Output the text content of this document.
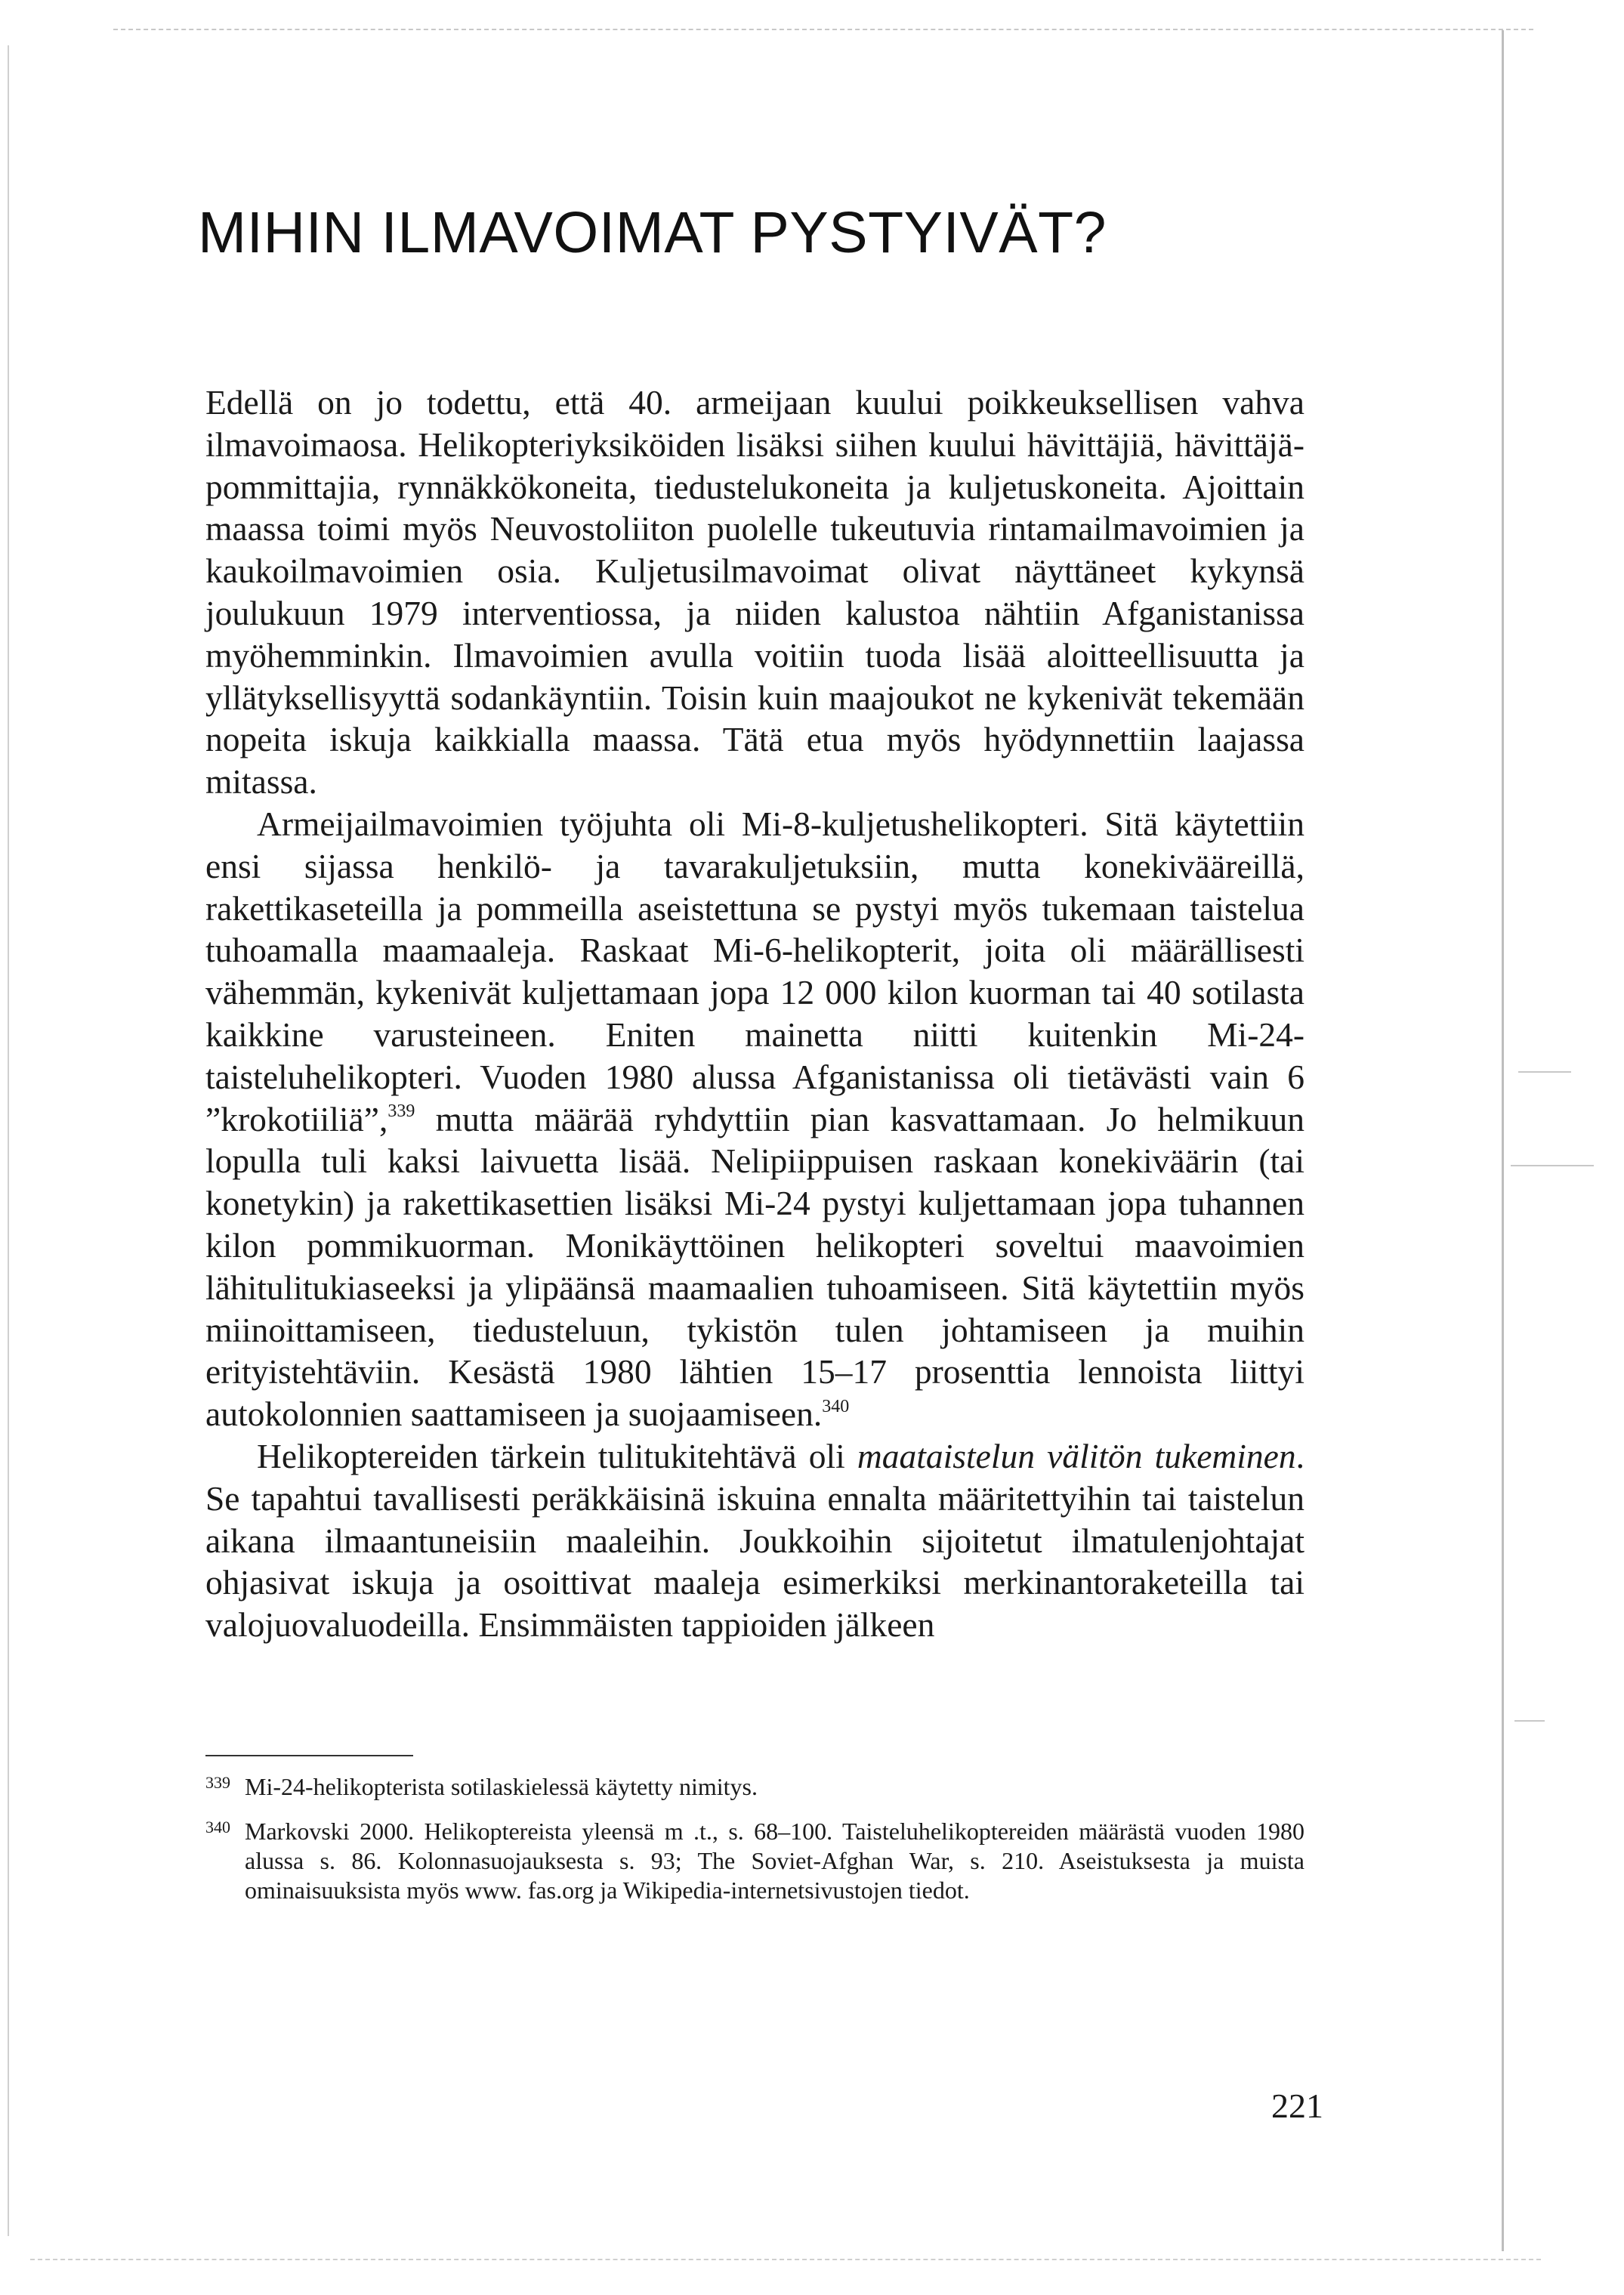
MIHIN ILMAVOIMAT PYSTYIVÄT?

Edellä on jo todettu, että 40. armeijaan kuului poikkeuksellisen vahva ilmavoimaosa. Helikopteriyksiköiden lisäksi siihen kuului hävittäjiä, hävittäjä-pommittajia, rynnäkkökoneita, tiedustelukoneita ja kuljetuskoneita. Ajoittain maassa toimi myös Neuvostoliiton puolelle tukeutuvia rintamailmavoimien ja kaukoilmavoimien osia. Kuljetusilmavoimat olivat näyttäneet kykynsä joulukuun 1979 interventiossa, ja niiden kalustoa nähtiin Afganistanissa myöhemminkin. Ilmavoimien avulla voitiin tuoda lisää aloitteellisuutta ja yllätyksellisyyttä sodankäyntiin. Toisin kuin maajoukot ne kykenivät tekemään nopeita iskuja kaikkialla maassa. Tätä etua myös hyödynnettiin laajassa mitassa.

Armeijailmavoimien työjuhta oli Mi-8-kuljetushelikopteri. Sitä käytettiin ensi sijassa henkilö- ja tavarakuljetuksiin, mutta konekivääreillä, rakettikaseteilla ja pommeilla aseistettuna se pystyi myös tukemaan taistelua tuhoamalla maamaaleja. Raskaat Mi-6-helikopterit, joita oli määrällisesti vähemmän, kykenivät kuljettamaan jopa 12 000 kilon kuorman tai 40 sotilasta kaikkine varusteineen. Eniten mainetta niitti kuitenkin Mi-24-taisteluhelikopteri. Vuoden 1980 alussa Afganistanissa oli tietävästi vain 6 ”krokotiiliä”,$^{339}$ mutta määrää ryhdyttiin pian kasvattamaan. Jo helmikuun lopulla tuli kaksi laivuetta lisää. Nelipiippuisen raskaan konekiväärin (tai konetykin) ja rakettikasettien lisäksi Mi-24 pystyi kuljettamaan jopa tuhannen kilon pommikuorman. Monikäyttöinen helikopteri soveltui maavoimien lähitulitukiaseeksi ja ylipäänsä maamaalien tuhoamiseen. Sitä käytettiin myös miinoittamiseen, tiedusteluun, tykistön tulen johtamiseen ja muihin erityistehtäviin. Kesästä 1980 lähtien 15–17 prosenttia lennoista liittyi autokolonnien saattamiseen ja suojaamiseen.$^{340}$

Helikoptereiden tärkein tulitukitehtävä oli maataistelun välitön tukeminen. Se tapahtui tavallisesti peräkkäisinä iskuina ennalta määritettyihin tai taistelun aikana ilmaantuneisiin maaleihin. Joukkoihin sijoitetut ilmatulenjohtajat ohjasivat iskuja ja osoittivat maaleja esimerkiksi merkinantoraketeilla tai valojuovaluodeilla. Ensimmäisten tappioiden jälkeen

339 Mi-24-helikopterista sotilaskielessä käytetty nimitys.
340 Markovski 2000. Helikoptereista yleensä m .t., s. 68–100. Taisteluhelikoptereiden määrästä vuoden 1980 alussa s. 86. Kolonnasuojauksesta s. 93; The Soviet-Afghan War, s. 210. Aseistuksesta ja muista ominaisuuksista myös www. fas.org ja Wikipedia-internetsivustojen tiedot.
221
